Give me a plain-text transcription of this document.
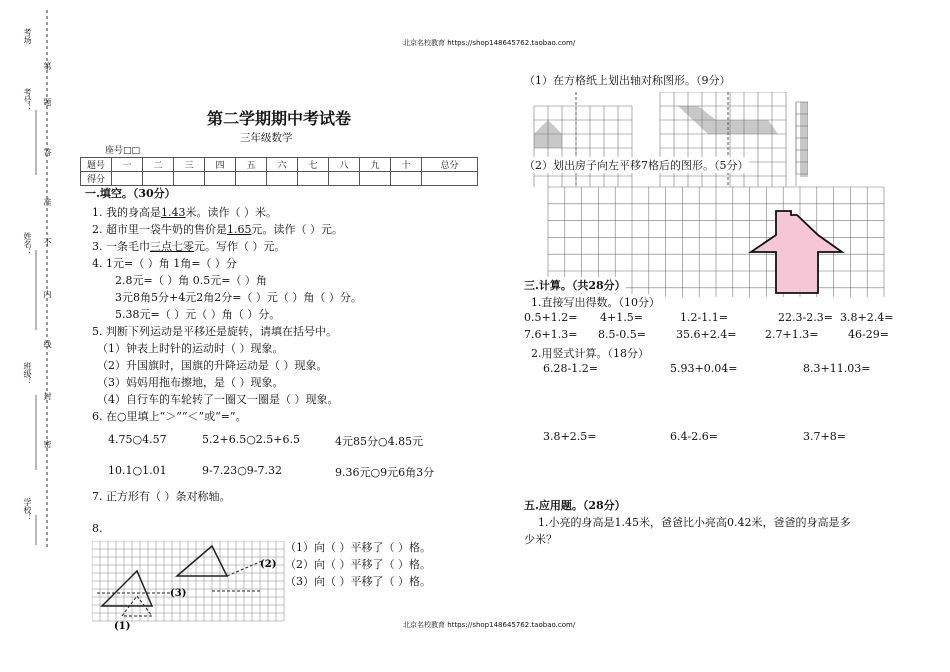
北京名校教育 https://shop148645762.taobao.com/
北京名校教育 https://shop148645762.taobao.com/
考场
考号：
姓名：
班级：
学校：
第
题
答
准
不
内
线
封
密
第二学期期中考试卷
三年级数学
座号□□
题号	一	二	三	四	五	六	七	八	九	十	总分
得分											
一.填空。（30分）
1. 我的身高是1.43米。读作（ ）米。
2. 超市里一袋牛奶的售价是1.65元。读作（ ）元。
3. 一条毛巾三点七零元。写作（ ）元。
4. 1元=（ ）角 1角=（ ）分
2.8元=（ ）角 0.5元=（ ）角
3元8角5分+4元2角2分=（ ）元（ ）角（ ）分。
5.38元=（ ）元（ ）角（ ）分。
5. 判断下列运动是平移还是旋转，请填在括号中。
（1）钟表上时针的运动时（ ）现象。
（2）升国旗时，国旗的升降运动是（ ）现象。
（3）妈妈用拖布擦地，是（ ）现象。
（4）自行车的车轮转了一圈又一圈是（ ）现象。
6. 在○里填上“＞”“＜”或“=”。
4.75○4.57	5.2+6.5○2.5+6.5	4元85分○4.85元
10.1○1.01	9-7.23○9-7.32	9.36元○9元6角3分
7. 正方形有（ ）条对称轴。
8.
（1）向（ ）平移了（ ）格。
（2）向（ ）平移了（ ）格。
（3）向（ ）平移了（ ）格。
(2)
(3)
(1)
（1）在方格纸上划出轴对称图形。（9分）
（2）划出房子向左平移7格后的图形。（5分）
三.计算。（共28分）
1.直接写出得数。（10分）
0.5+1.2= 4+1.5=	1.2-1.1=	22.3-2.3= 3.8+2.4=
7.6+1.3= 8.5-0.5=	35.6+2.4=	2.7+1.3=	46-29=
2.用竖式计算。（18分）
6.28-1.2=	5.93+0.04=	8.3+11.03=
3.8+2.5=	6.4-2.6=	3.7+8=
五.应用题。（28分）
1.小亮的身高是1.45米，爸爸比小亮高0.42米，爸爸的身高是多
少米？
